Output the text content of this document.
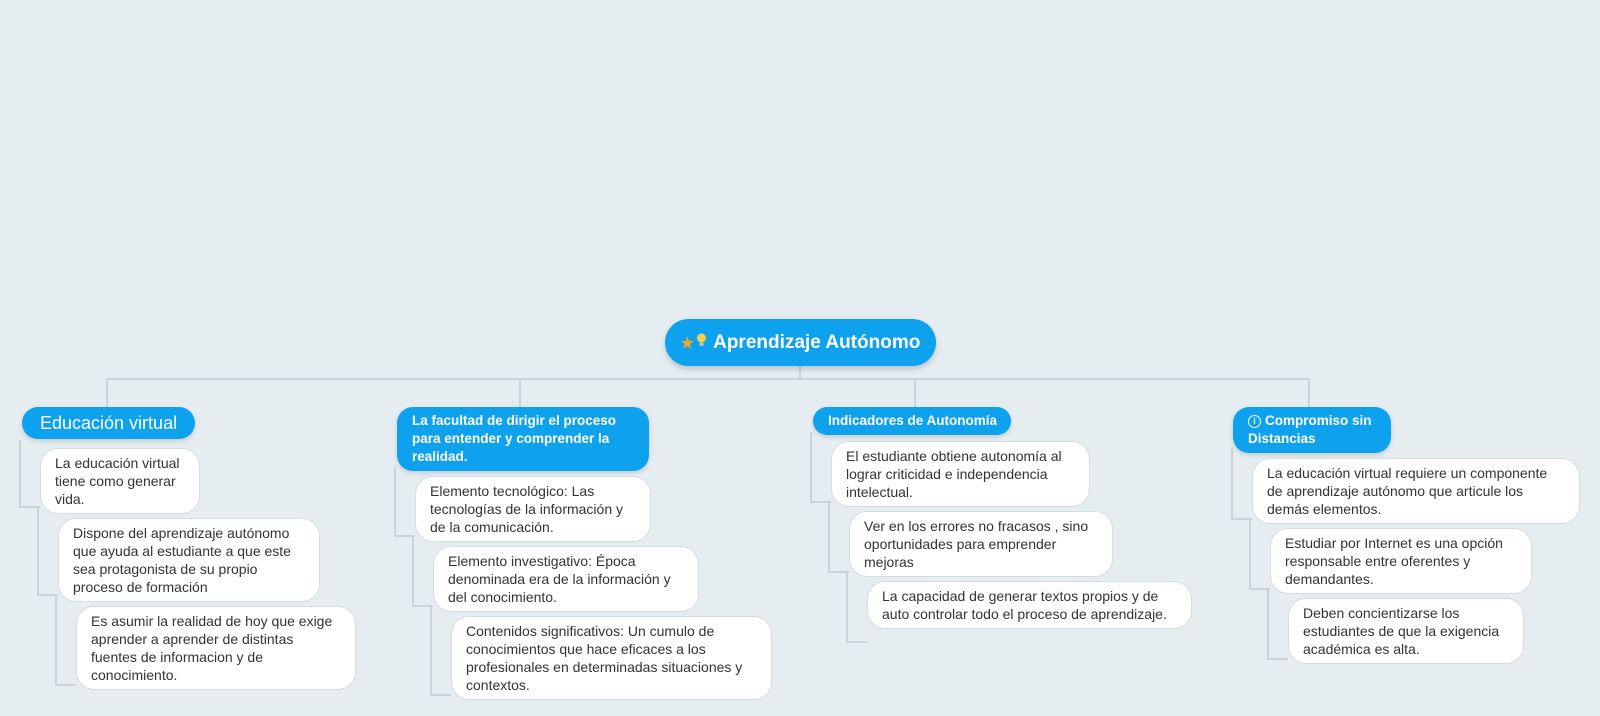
★ Aprendizaje Autónomo
Educación virtual
La educación virtual tiene como generar vida.
Dispone del aprendizaje autónomo que ayuda al estudiante a que este sea protagonista de su propio proceso de formación
Es asumir la realidad de hoy que exige aprender a aprender de distintas fuentes de informacion y de conocimiento.
La facultad de dirigir el proceso para entender y comprender la realidad.
Elemento tecnológico: Las tecnologías de la información y de la comunicación.
Elemento investigativo: Época denominada era de la información y del conocimiento.
Contenidos significativos: Un cumulo de conocimientos que hace eficaces a los profesionales en determinadas situaciones y contextos.
Indicadores de Autonomía
El estudiante obtiene autonomía al lograr criticidad e independencia intelectual.
Ver en los errores no fracasos , sino oportunidades para emprender mejoras
La capacidad de generar textos propios y de auto controlar todo el proceso de aprendizaje.
i Compromiso sin Distancias
La educación virtual requiere un componente de aprendizaje autónomo que articule los demás elementos.
Estudiar por Internet es una opción responsable entre oferentes y demandantes.
Deben concientizarse los estudiantes de que la exigencia académica es alta.
